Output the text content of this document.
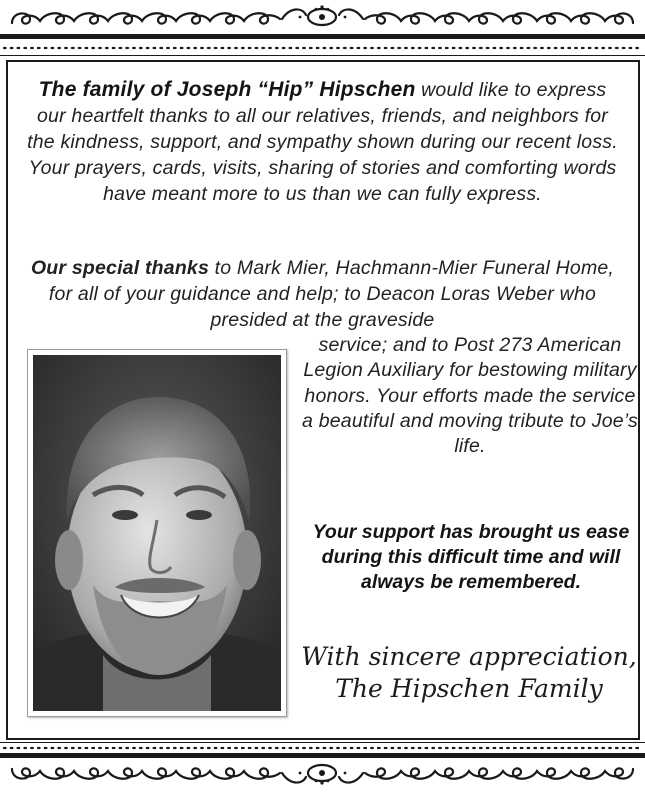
The family of Joseph “Hip” Hipschen would like to express our heartfelt thanks to all our relatives, friends, and neighbors for the kindness, support, and sympathy shown during our recent loss. Your prayers, cards, visits, sharing of stories and comforting words have meant more to us than we can fully express.

Our special thanks to Mark Mier, Hachmann-Mier Funeral Home, for all of your guidance and help; to Deacon Loras Weber who presided at the graveside

service; and to Post 273 American Legion Auxiliary for bestowing military honors. Your efforts made the service a beautiful and moving tribute to Joe’s life.

Your support has brought us ease during this difficult time and will always be remembered.

With sincere appreciation,

The Hipschen Family
